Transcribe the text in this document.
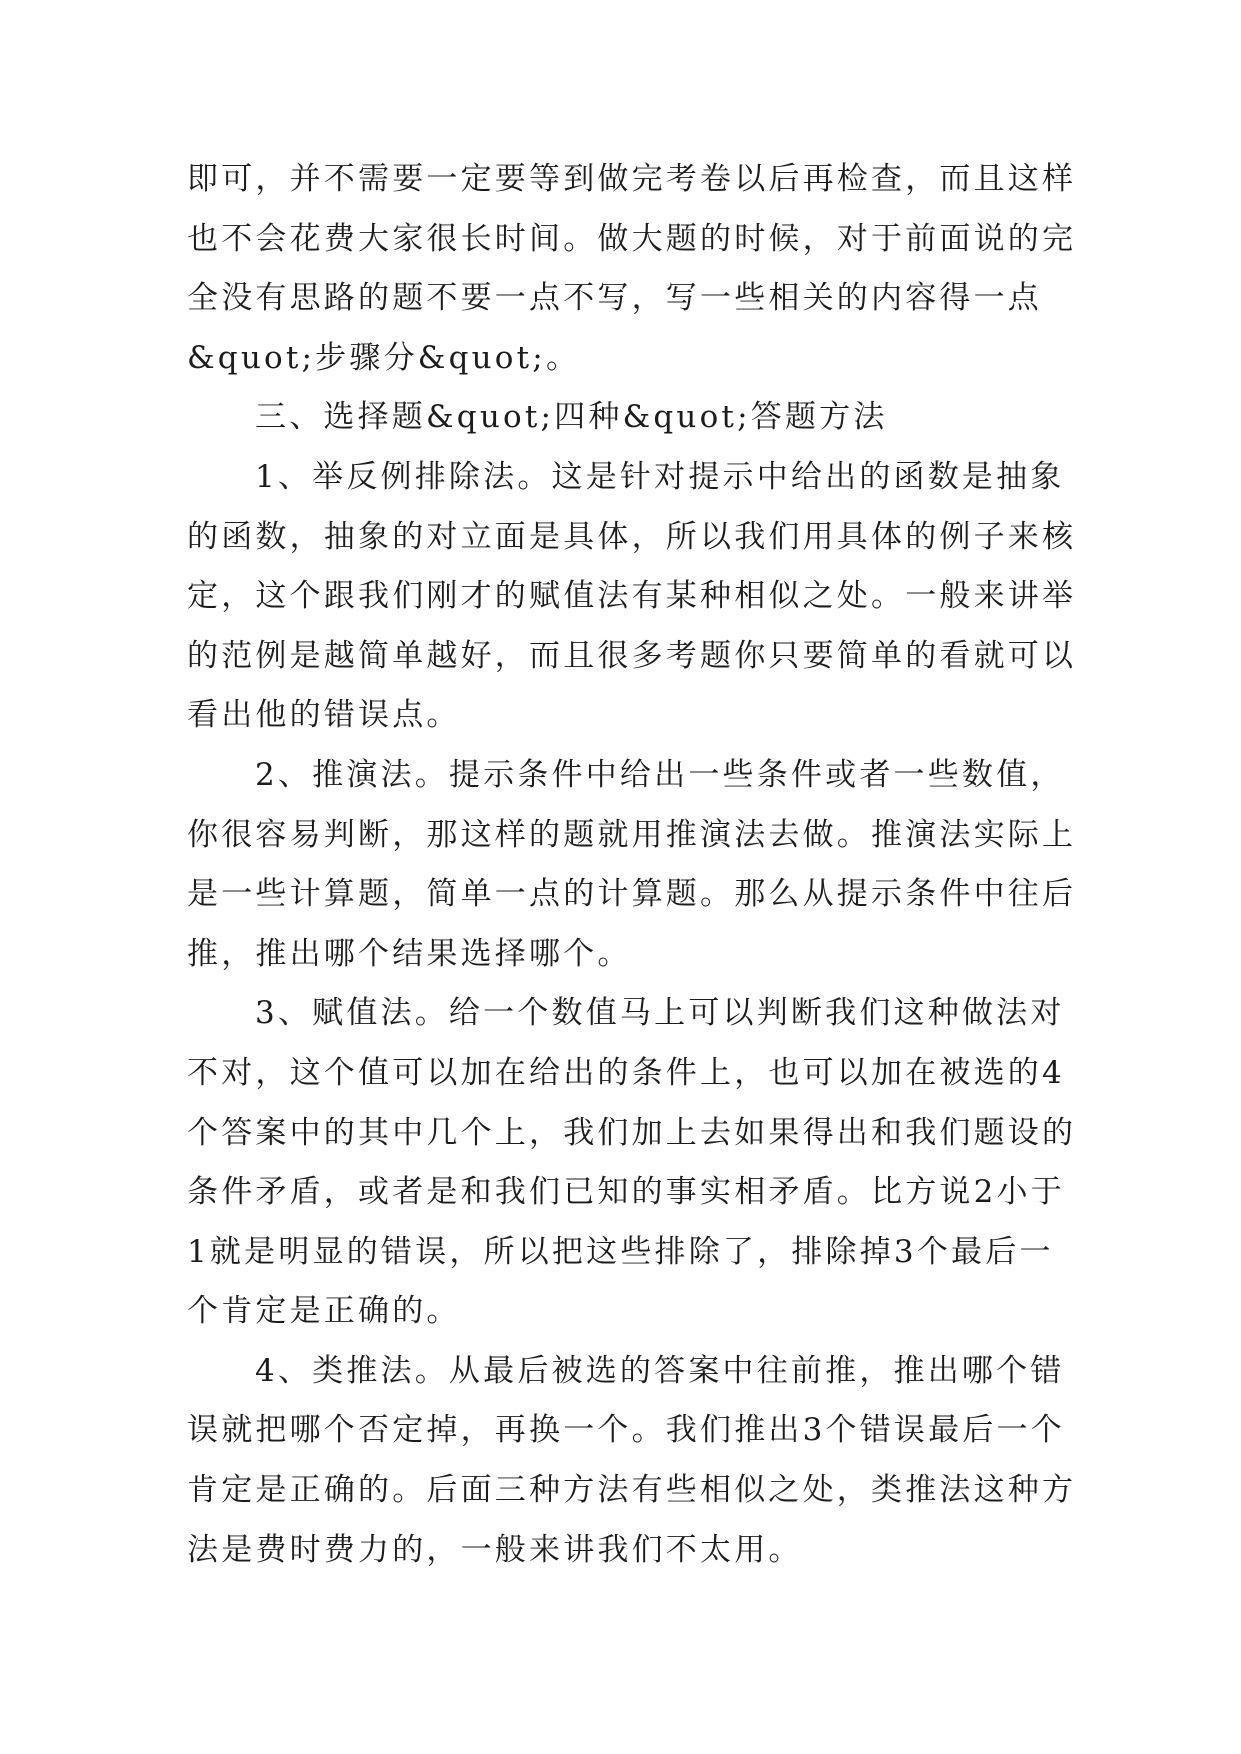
即可，并不需要一定要等到做完考卷以后再检查，而且这样
也不会花费大家很长时间。做大题的时候，对于前面说的完
全没有思路的题不要一点不写，写一些相关的内容得一点
&quot;步骤分&quot;。
三、选择题&quot;四种&quot;答题方法
1、举反例排除法。这是针对提示中给出的函数是抽象
的函数，抽象的对立面是具体，所以我们用具体的例子来核
定，这个跟我们刚才的赋值法有某种相似之处。一般来讲举
的范例是越简单越好，而且很多考题你只要简单的看就可以
看出他的错误点。
2、推演法。提示条件中给出一些条件或者一些数值，
你很容易判断，那这样的题就用推演法去做。推演法实际上
是一些计算题，简单一点的计算题。那么从提示条件中往后
推，推出哪个结果选择哪个。
3、赋值法。给一个数值马上可以判断我们这种做法对
不对，这个值可以加在给出的条件上，也可以加在被选的4
个答案中的其中几个上，我们加上去如果得出和我们题设的
条件矛盾，或者是和我们已知的事实相矛盾。比方说2小于
1就是明显的错误，所以把这些排除了，排除掉3个最后一
个肯定是正确的。
4、类推法。从最后被选的答案中往前推，推出哪个错
误就把哪个否定掉，再换一个。我们推出3个错误最后一个
肯定是正确的。后面三种方法有些相似之处，类推法这种方
法是费时费力的，一般来讲我们不太用。
